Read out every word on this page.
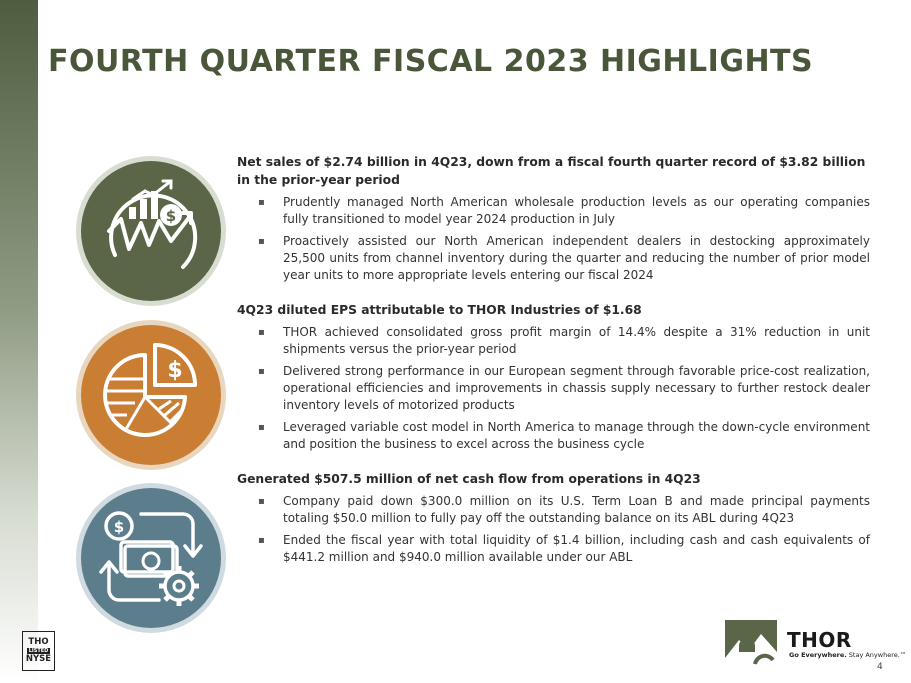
FOURTH QUARTER FISCAL 2023 HIGHLIGHTS
$
$
$
Net sales of $2.74 billion in 4Q23, down from a fiscal fourth quarter record of $3.82 billion in the prior-year period
▪ Prudently managed North American wholesale production levels as our operating companies fully transitioned to model year 2024 production in July
▪ Proactively assisted our North American independent dealers in destocking approximately 25,500 units from channel inventory during the quarter and reducing the number of prior model year units to more appropriate levels entering our fiscal 2024
4Q23 diluted EPS attributable to THOR Industries of $1.68
▪ THOR achieved consolidated gross profit margin of 14.4% despite a 31% reduction in unit shipments versus the prior-year period
▪ Delivered strong performance in our European segment through favorable price-cost realization, operational efficiencies and improvements in chassis supply necessary to further restock dealer inventory levels of motorized products
▪ Leveraged variable cost model in North America to manage through the down-cycle environment and position the business to excel across the business cycle
Generated $507.5 million of net cash flow from operations in 4Q23
▪ Company paid down $300.0 million on its U.S. Term Loan B and made principal payments totaling $50.0 million to fully pay off the outstanding balance on its ABL during 4Q23
▪ Ended the fiscal year with total liquidity of $1.4 billion, including cash and cash equivalents of $441.2 million and $940.0 million available under our ABL
THO
LISTED
NYSE
THOR
Go Everywhere. Stay Anywhere.™
4
